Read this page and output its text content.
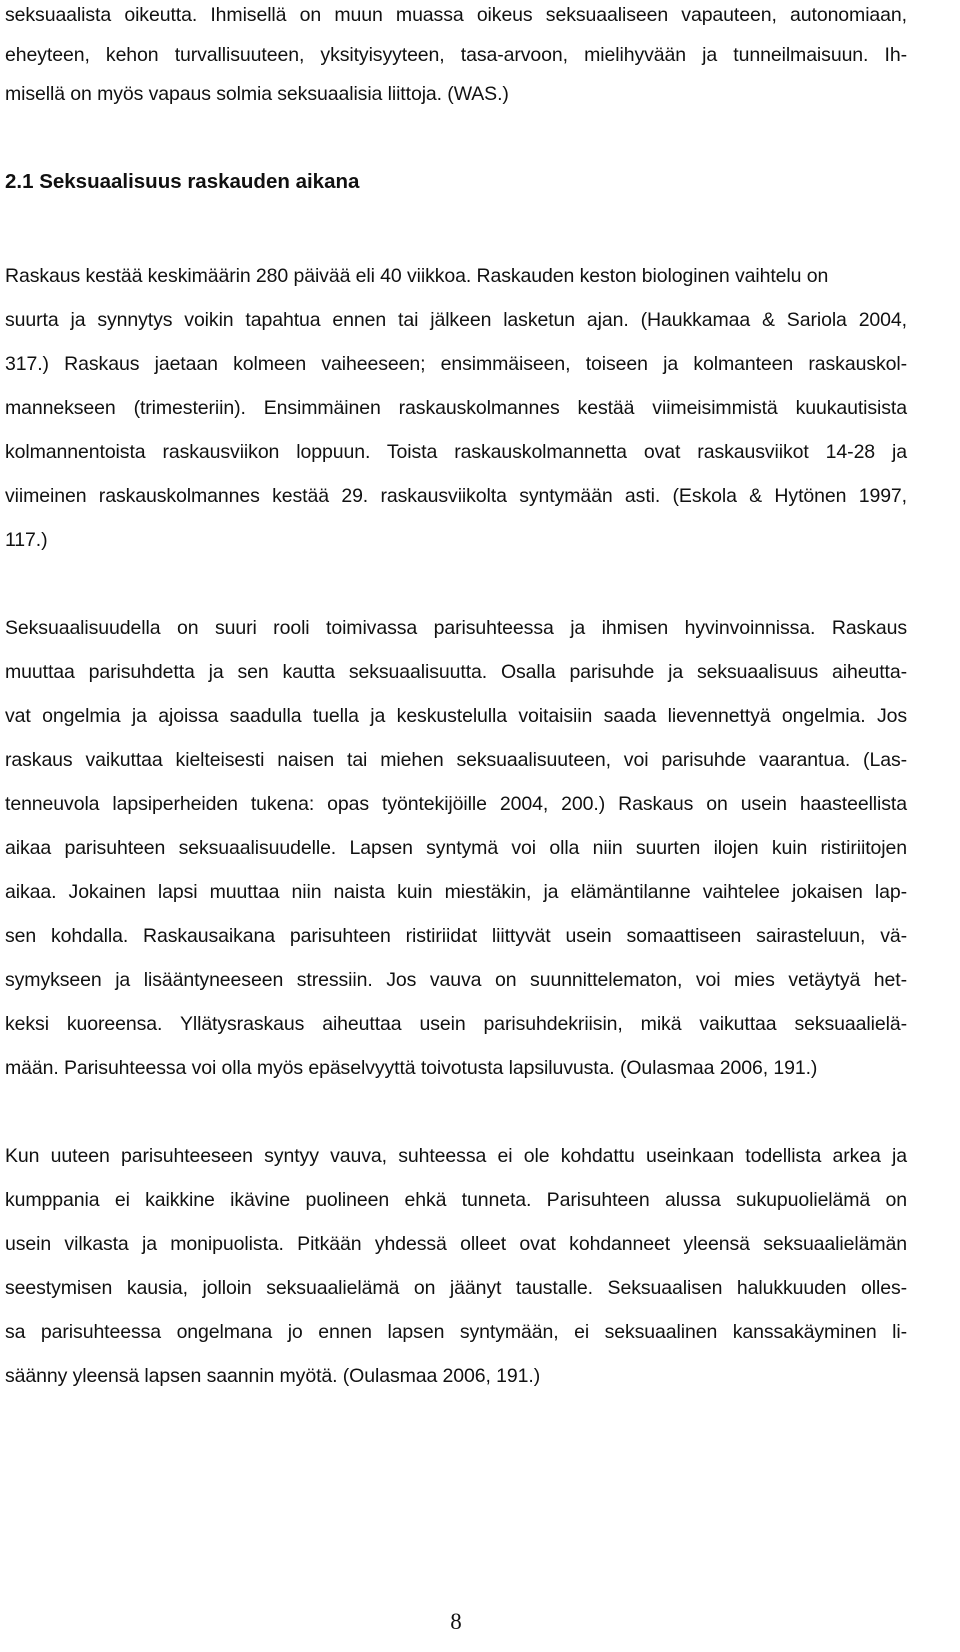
seksuaalista oikeutta. Ihmisellä on muun muassa oikeus seksuaaliseen vapauteen, autonomiaan,
eheyteen, kehon turvallisuuteen, yksityisyyteen, tasa-arvoon, mielihyvään ja tunneilmaisuun. Ih-
misellä on myös vapaus solmia seksuaalisia liittoja. (WAS.)
2.1 Seksuaalisuus raskauden aikana
Raskaus kestää keskimäärin 280 päivää eli 40 viikkoa. Raskauden keston biologinen vaihtelu on
suurta ja synnytys voikin tapahtua ennen tai jälkeen lasketun ajan. (Haukkamaa & Sariola 2004,
317.) Raskaus jaetaan kolmeen vaiheeseen; ensimmäiseen, toiseen ja kolmanteen raskauskol-
mannekseen (trimesteriin). Ensimmäinen raskauskolmannes kestää viimeisimmistä kuukautisista
kolmannentoista raskausviikon loppuun. Toista raskauskolmannetta ovat raskausviikot 14-28 ja
viimeinen raskauskolmannes kestää 29. raskausviikolta syntymään asti. (Eskola & Hytönen 1997,
117.)
Seksuaalisuudella on suuri rooli toimivassa parisuhteessa ja ihmisen hyvinvoinnissa. Raskaus
muuttaa parisuhdetta ja sen kautta seksuaalisuutta. Osalla parisuhde ja seksuaalisuus aiheutta-
vat ongelmia ja ajoissa saadulla tuella ja keskustelulla voitaisiin saada lievennettyä ongelmia. Jos
raskaus vaikuttaa kielteisesti naisen tai miehen seksuaalisuuteen, voi parisuhde vaarantua. (Las-
tenneuvola lapsiperheiden tukena: opas työntekijöille 2004, 200.) Raskaus on usein haasteellista
aikaa parisuhteen seksuaalisuudelle. Lapsen syntymä voi olla niin suurten ilojen kuin ristiriitojen
aikaa. Jokainen lapsi muuttaa niin naista kuin miestäkin, ja elämäntilanne vaihtelee jokaisen lap-
sen kohdalla. Raskausaikana parisuhteen ristiriidat liittyvät usein somaattiseen sairasteluun, vä-
symykseen ja lisääntyneeseen stressiin. Jos vauva on suunnittelematon, voi mies vetäytyä het-
keksi kuoreensa. Yllätysraskaus aiheuttaa usein parisuhdekriisin, mikä vaikuttaa seksuaalielä-
mään. Parisuhteessa voi olla myös epäselvyyttä toivotusta lapsiluvusta. (Oulasmaa 2006, 191.)
Kun uuteen parisuhteeseen syntyy vauva, suhteessa ei ole kohdattu useinkaan todellista arkea ja
kumppania ei kaikkine ikävine puolineen ehkä tunneta. Parisuhteen alussa sukupuolielämä on
usein vilkasta ja monipuolista. Pitkään yhdessä olleet ovat kohdanneet yleensä seksuaalielämän
seestymisen kausia, jolloin seksuaalielämä on jäänyt taustalle. Seksuaalisen halukkuuden olles-
sa parisuhteessa ongelmana jo ennen lapsen syntymään, ei seksuaalinen kanssakäyminen li-
säänny yleensä lapsen saannin myötä. (Oulasmaa 2006, 191.)
8
